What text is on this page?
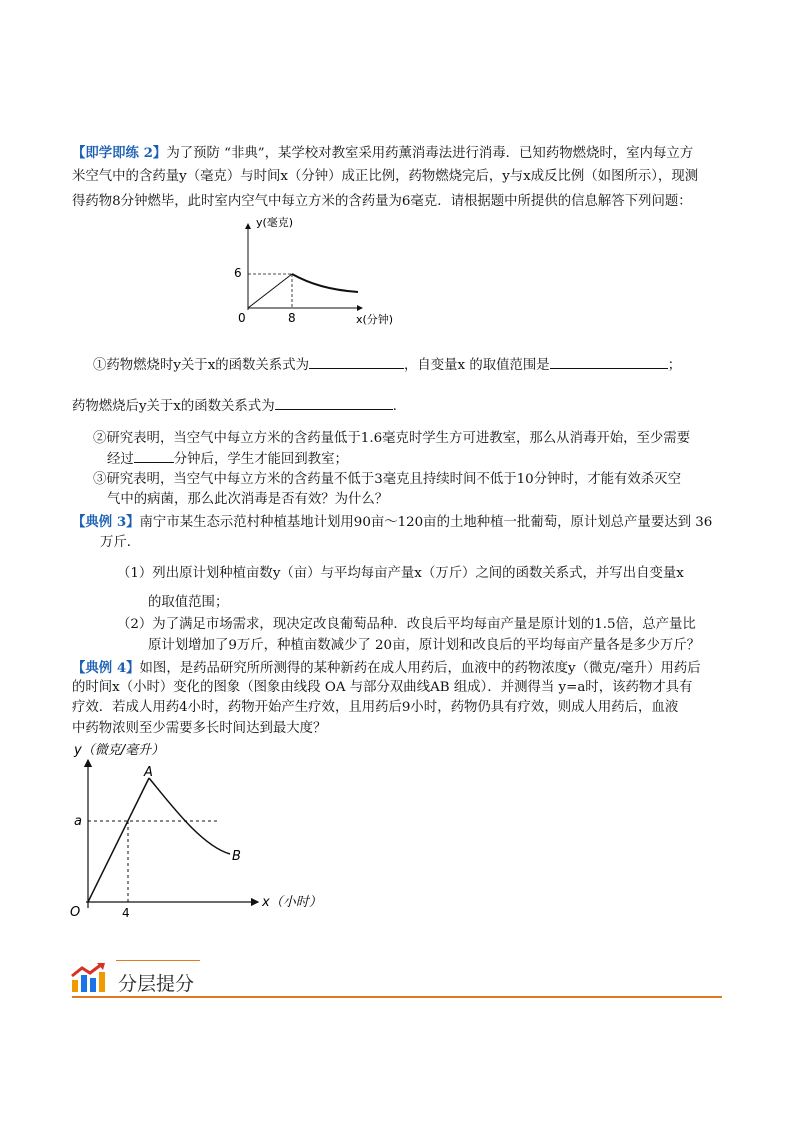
【即学即练 2】为了预防 “非典”，某学校对教室采用药薰消毒法进行消毒．已知药物燃烧时，室内每立方
米空气中的含药量y（毫克）与时间x（分钟）成正比例，药物燃烧完后，y与x成反比例（如图所示），现测
得药物8分钟燃毕，此时室内空气中每立方米的含药量为6毫克．请根据题中所提供的信息解答下列问题：
y(毫克)
6
0	8	x(分钟)
①药物燃烧时y关于x的函数关系式为	，自变量x 的取值范围是	；
药物燃烧后y关于x的函数关系式为	.
②研究表明，当空气中每立方米的含药量低于1.6毫克时学生方可进教室，那么从消毒开始，至少需要
经过	分钟后，学生才能回到教室；
③研究表明，当空气中每立方米的含药量不低于3毫克且持续时间不低于10分钟时，才能有效杀灭空
气中的病菌，那么此次消毒是否有效？为什么？
【典例 3】南宁市某生态示范村种植基地计划用90亩～120亩的土地种植一批葡萄，原计划总产量要达到 36
万斤．
（1）列出原计划种植亩数y（亩）与平均每亩产量x（万斤）之间的函数关系式，并写出自变量x
的取值范围；
（2）为了满足市场需求，现决定改良葡萄品种．改良后平均每亩产量是原计划的1.5倍，总产量比
原计划增加了9万斤，种植亩数减少了 20亩，原计划和改良后的平均每亩产量各是多少万斤？
【典例 4】如图，是药品研究所所测得的某种新药在成人用药后，血液中的药物浓度y（微克/毫升）用药后
的时间x（小时）变化的图象（图象由线段 OA 与部分双曲线AB 组成）．并测得当 y=a时，该药物才具有
疗效．若成人用药4小时，药物开始产生疗效，且用药后9小时，药物仍具有疗效，则成人用药后，血液
中药物浓则至少需要多长时间达到最大度？
y（微克/毫升）
A
B
a
O	4
x（小时）
分层提分
